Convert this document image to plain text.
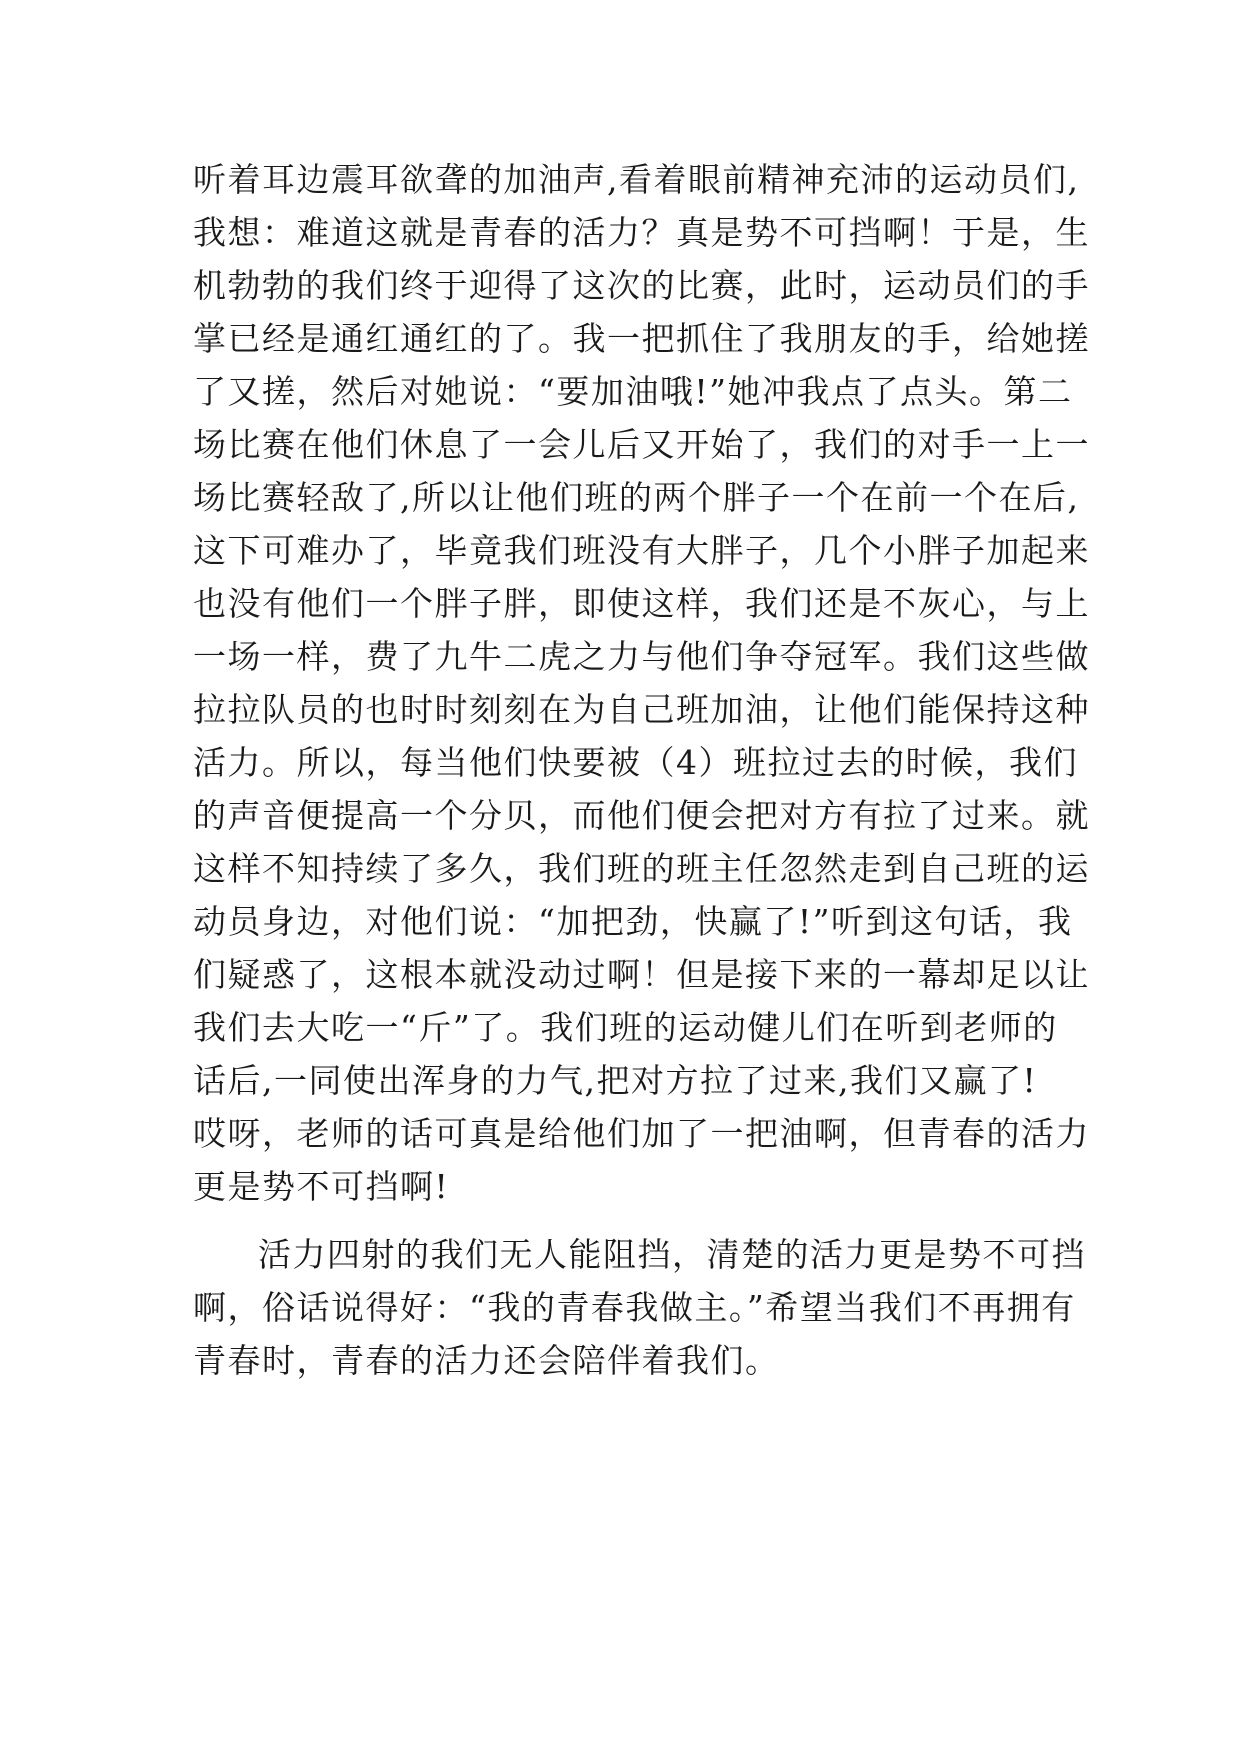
听着耳边震耳欲聋的加油声,看着眼前精神充沛的运动员们,
我想：难道这就是青春的活力？真是势不可挡啊！于是，生
机勃勃的我们终于迎得了这次的比赛，此时，运动员们的手
掌已经是通红通红的了。我一把抓住了我朋友的手，给她搓
了又搓，然后对她说：“要加油哦!”她冲我点了点头。第二
场比赛在他们休息了一会儿后又开始了，我们的对手一上一
场比赛轻敌了,所以让他们班的两个胖子一个在前一个在后,
这下可难办了，毕竟我们班没有大胖子，几个小胖子加起来
也没有他们一个胖子胖，即使这样，我们还是不灰心，与上
一场一样，费了九牛二虎之力与他们争夺冠军。我们这些做
拉拉队员的也时时刻刻在为自己班加油，让他们能保持这种
活力。所以，每当他们快要被（4）班拉过去的时候，我们
的声音便提高一个分贝，而他们便会把对方有拉了过来。就
这样不知持续了多久，我们班的班主任忽然走到自己班的运
动员身边，对他们说：“加把劲，快赢了!”听到这句话，我
们疑惑了，这根本就没动过啊！但是接下来的一幕却足以让
我们去大吃一“斤”了。我们班的运动健儿们在听到老师的
话后,一同使出浑身的力气,把对方拉了过来,我们又赢了!
哎呀，老师的话可真是给他们加了一把油啊，但青春的活力
更是势不可挡啊!
活力四射的我们无人能阻挡，清楚的活力更是势不可挡
啊，俗话说得好：“我的青春我做主。”希望当我们不再拥有
青春时，青春的活力还会陪伴着我们。
